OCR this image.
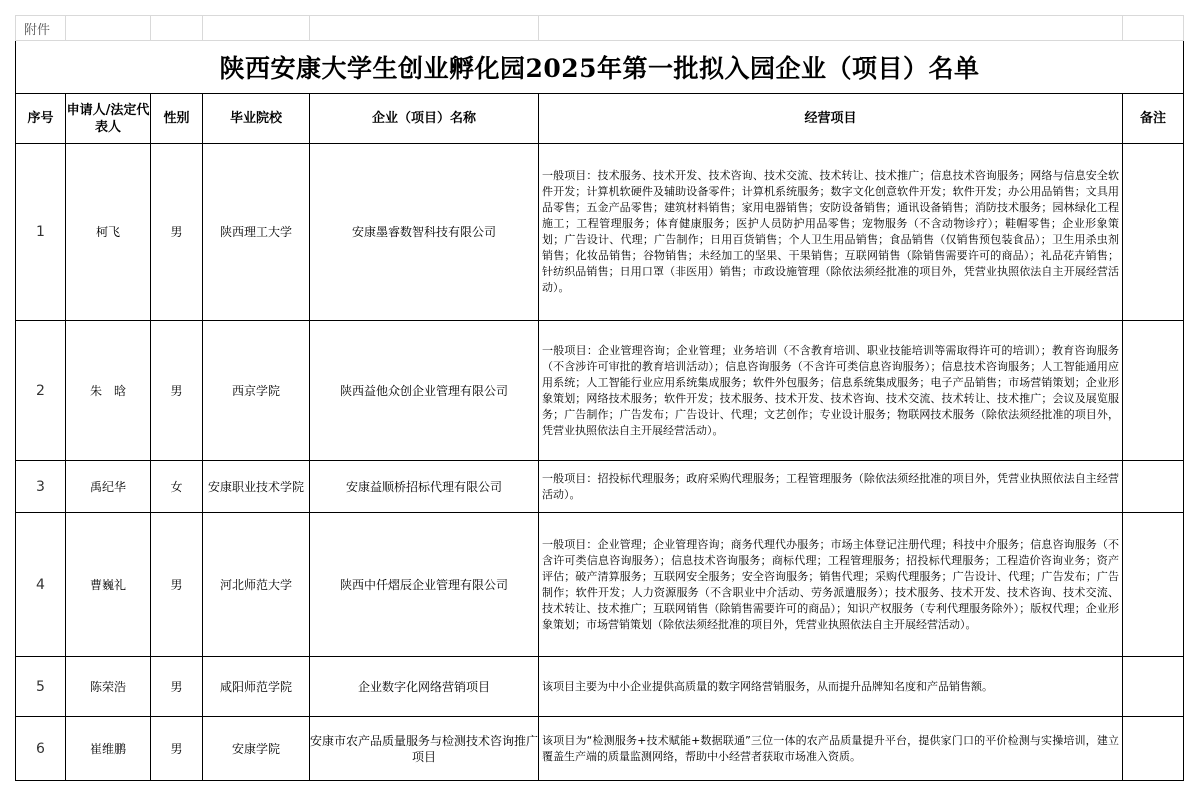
附件						
陕西安康大学生创业孵化园2025年第一批拟入园企业（项目）名单						
序号	申请人/法定代表人	性别	毕业院校	企业（项目）名称	经营项目	备注
1	柯飞	男	陕西理工大学	安康墨睿数智科技有限公司	一般项目：技术服务、技术开发、技术咨询、技术交流、技术转让、技术推广；信息技术咨询服务；网络与信息安全软件开发；计算机软硬件及辅助设备零件；计算机系统服务；数字文化创意软件开发；软件开发；办公用品销售；文具用品零售；五金产品零售；建筑材料销售；家用电器销售；安防设备销售；通讯设备销售；消防技术服务；园林绿化工程施工；工程管理服务；体育健康服务；医护人员防护用品零售；宠物服务（不含动物诊疗）；鞋帽零售；企业形象策划；广告设计、代理；广告制作；日用百货销售；个人卫生用品销售；食品销售（仅销售预包装食品）；卫生用杀虫剂销售；化妆品销售；谷物销售；未经加工的坚果、干果销售；互联网销售（除销售需要许可的商品）；礼品花卉销售；针纺织品销售；日用口罩（非医用）销售；市政设施管理（除依法须经批准的项目外，凭营业执照依法自主开展经营活动）。	
2	朱　晗	男	西京学院	陕西益他众创企业管理有限公司	一般项目：企业管理咨询；企业管理；业务培训（不含教育培训、职业技能培训等需取得许可的培训）；教育咨询服务（不含涉许可审批的教育培训活动）；信息咨询服务（不含许可类信息咨询服务）；信息技术咨询服务；人工智能通用应用系统；人工智能行业应用系统集成服务；软件外包服务；信息系统集成服务；电子产品销售；市场营销策划；企业形象策划；网络技术服务；软件开发；技术服务、技术开发、技术咨询、技术交流、技术转让、技术推广；会议及展览服务；广告制作；广告发布；广告设计、代理；文艺创作；专业设计服务；物联网技术服务（除依法须经批准的项目外，凭营业执照依法自主开展经营活动）。	
3	禹纪华	女	安康职业技术学院	安康益顺桥招标代理有限公司	一般项目：招投标代理服务；政府采购代理服务；工程管理服务（除依法须经批准的项目外，凭营业执照依法自主经营活动）。	
4	曹巍礼	男	河北师范大学	陕西中仟熠辰企业管理有限公司	一般项目：企业管理；企业管理咨询；商务代理代办服务；市场主体登记注册代理；科技中介服务；信息咨询服务（不含许可类信息咨询服务）；信息技术咨询服务；商标代理；工程管理服务；招投标代理服务；工程造价咨询业务；资产评估；破产清算服务；互联网安全服务；安全咨询服务；销售代理；采购代理服务；广告设计、代理；广告发布；广告制作；软件开发；人力资源服务（不含职业中介活动、劳务派遣服务）；技术服务、技术开发、技术咨询、技术交流、技术转让、技术推广；互联网销售（除销售需要许可的商品）；知识产权服务（专利代理服务除外）；版权代理；企业形象策划；市场营销策划（除依法须经批准的项目外，凭营业执照依法自主开展经营活动）。	
5	陈荣浩	男	咸阳师范学院	企业数字化网络营销项目	该项目主要为中小企业提供高质量的数字网络营销服务，从而提升品牌知名度和产品销售额。	
6	崔维鹏	男	安康学院	安康市农产品质量服务与检测技术咨询推广项目	该项目为“检测服务+技术赋能+数据联通”三位一体的农产品质量提升平台，提供家门口的平价检测与实操培训，建立覆盖生产端的质量监测网络，帮助中小经营者获取市场准入资质。	
